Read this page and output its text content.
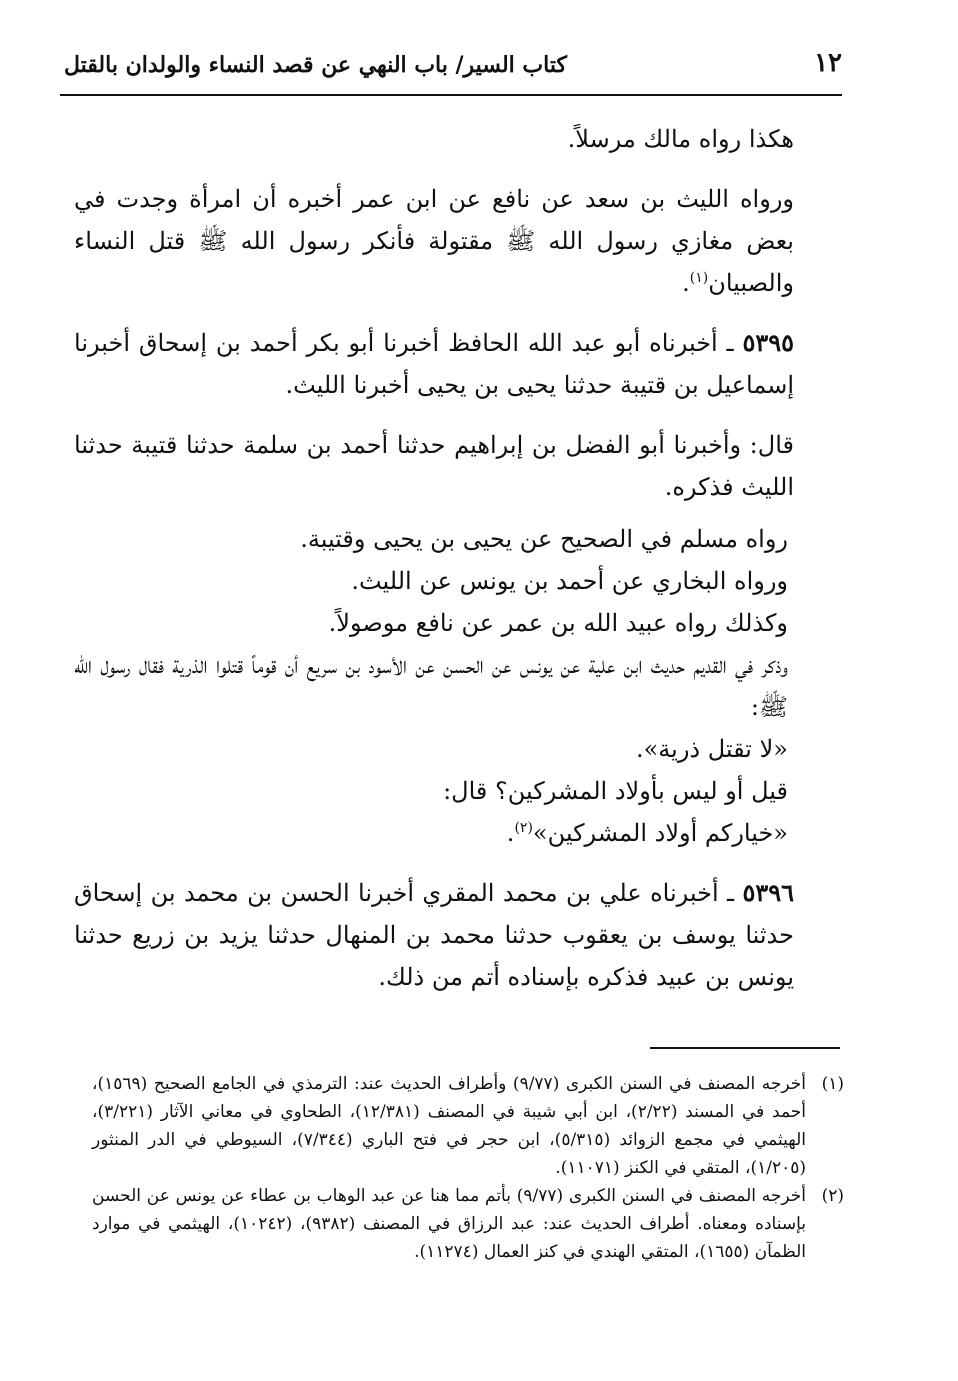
١٢
كتاب السير/ باب النهي عن قصد النساء والولدان بالقتل

هكذا رواه مالك مرسلاً.

ورواه الليث بن سعد عن نافع عن ابن عمر أخبره أن امرأة وجدت في بعض مغازي رسول الله ﷺ مقتولة فأنكر رسول الله ﷺ قتل النساء والصبيان$^{(١)}$.

٥٣٩٥ ـ أخبرناه أبو عبد الله الحافظ أخبرنا أبو بكر أحمد بن إسحاق أخبرنا إسماعيل بن قتيبة حدثنا يحيى بن يحيى أخبرنا الليث.

قال: وأخبرنا أبو الفضل بن إبراهيم حدثنا أحمد بن سلمة حدثنا قتيبة حدثنا الليث فذكره.

رواه مسلم في الصحيح عن يحيى بن يحيى وقتيبة.

ورواه البخاري عن أحمد بن يونس عن الليث.

وكذلك رواه عبيد الله بن عمر عن نافع موصولاً.

وذكر في القديم حديث ابن علية عن يونس عن الحسن عن الأسود بن سريع أن قوماً قتلوا الذرية فقال رسول الله ﷺ:

«لا تقتل ذرية».

قيل أو ليس بأولاد المشركين؟ قال:

«خياركم أولاد المشركين»$^{(٢)}$.

٥٣٩٦ ـ أخبرناه علي بن محمد المقري أخبرنا الحسن بن محمد بن إسحاق حدثنا يوسف بن يعقوب حدثنا محمد بن المنهال حدثنا يزيد بن زريع حدثنا يونس بن عبيد فذكره بإسناده أتم من ذلك.

(١)
أخرجه المصنف في السنن الكبرى (٩/٧٧) وأطراف الحديث عند: الترمذي في الجامع الصحيح (١٥٦٩)، أحمد في المسند (٢/٢٢)، ابن أبي شيبة في المصنف (١٢/٣٨١)، الطحاوي في معاني الآثار (٣/٢٢١)، الهيثمي في مجمع الزوائد (٥/٣١٥)، ابن حجر في فتح الباري (٧/٣٤٤)، السيوطي في الدر المنثور (١/٢٠٥)، المتقي في الكنز (١١٠٧١).

(٢)
أخرجه المصنف في السنن الكبرى (٩/٧٧) بأتم مما هنا عن عبد الوهاب بن عطاء عن يونس عن الحسن بإسناده ومعناه. أطراف الحديث عند: عبد الرزاق في المصنف (٩٣٨٢)، (١٠٢٤٢)، الهيثمي في موارد الظمآن (١٦٥٥)، المتقي الهندي في كنز العمال (١١٢٧٤).
